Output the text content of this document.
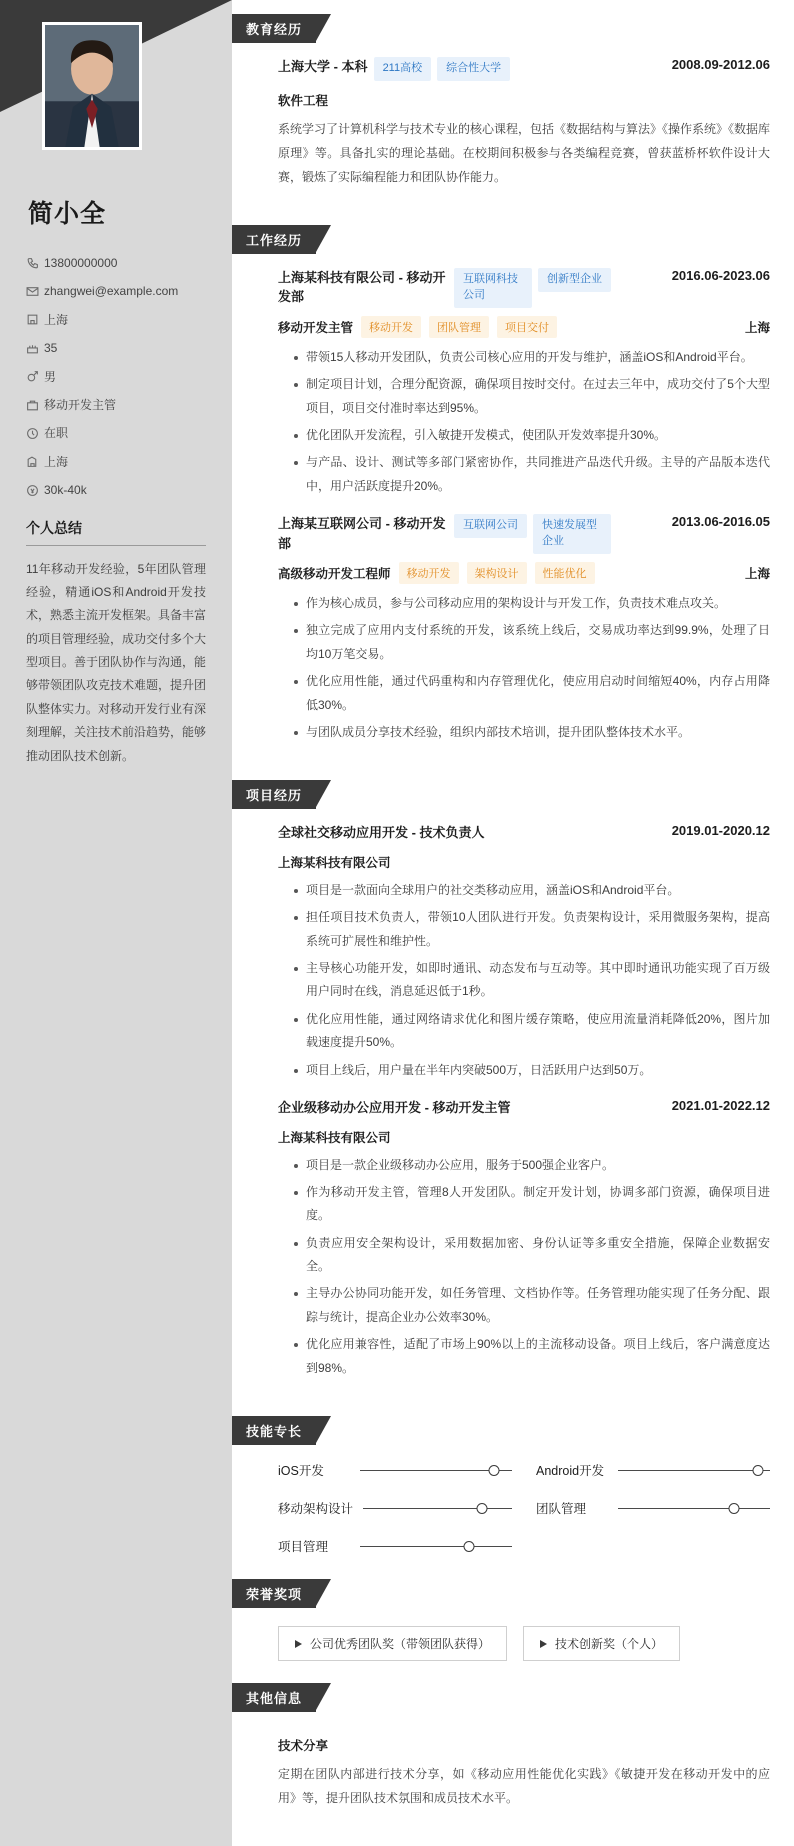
简小全
13800000000
zhangwei@example.com
上海
35
男
移动开发主管
在职
上海
30k-40k
个人总结

11年移动开发经验，5年团队管理经验，精通iOS和Android开发技术，熟悉主流开发框架。具备丰富的项目管理经验，成功交付多个大型项目。善于团队协作与沟通，能够带领团队攻克技术难题，提升团队整体实力。对移动开发行业有深刻理解，关注技术前沿趋势，能够推动团队技术创新。

教育经历
上海大学 - 本科	211高校	综合性大学	2008.09-2012.06
软件工程

系统学习了计算机科学与技术专业的核心课程，包括《数据结构与算法》《操作系统》《数据库原理》等。具备扎实的理论基础。在校期间积极参与各类编程竞赛，曾获蓝桥杯软件设计大赛，锻炼了实际编程能力和团队协作能力。

工作经历
上海某科技有限公司 - 移动开发部
互联网科技公司
创新型企业	2016.06-2023.06
移动开发主管	移动开发	团队管理	项目交付	上海
带领15人移动开发团队，负责公司核心应用的开发与维护，涵盖iOS和Android平台。
制定项目计划，合理分配资源，确保项目按时交付。在过去三年中，成功交付了5个大型项目，项目交付准时率达到95%。
优化团队开发流程，引入敏捷开发模式，使团队开发效率提升30%。
与产品、设计、测试等多部门紧密协作，共同推进产品迭代升级。主导的产品版本迭代中，用户活跃度提升20%。
上海某互联网公司 - 移动开发部
互联网公司	快速发展型企业
2013.06-2016.05
高级移动开发工程师	移动开发	架构设计	性能优化	上海
作为核心成员，参与公司移动应用的架构设计与开发工作，负责技术难点攻关。
独立完成了应用内支付系统的开发，该系统上线后，交易成功率达到99.9%，处理了日均10万笔交易。
优化应用性能，通过代码重构和内存管理优化，使应用启动时间缩短40%，内存占用降低30%。
与团队成员分享技术经验，组织内部技术培训，提升团队整体技术水平。
项目经历
全球社交移动应用开发 - 技术负责人	2019.01-2020.12
上海某科技有限公司
项目是一款面向全球用户的社交类移动应用，涵盖iOS和Android平台。
担任项目技术负责人，带领10人团队进行开发。负责架构设计，采用微服务架构，提高系统可扩展性和维护性。
主导核心功能开发，如即时通讯、动态发布与互动等。其中即时通讯功能实现了百万级用户同时在线，消息延迟低于1秒。
优化应用性能，通过网络请求优化和图片缓存策略，使应用流量消耗降低20%，图片加载速度提升50%。
项目上线后，用户量在半年内突破500万，日活跃用户达到50万。
企业级移动办公应用开发 - 移动开发主管	2021.01-2022.12
上海某科技有限公司
项目是一款企业级移动办公应用，服务于500强企业客户。
作为移动开发主管，管理8人开发团队。制定开发计划，协调多部门资源，确保项目进度。
负责应用安全架构设计，采用数据加密、身份认证等多重安全措施，保障企业数据安全。
主导办公协同功能开发，如任务管理、文档协作等。任务管理功能实现了任务分配、跟踪与统计，提高企业办公效率30%。
优化应用兼容性，适配了市场上90%以上的主流移动设备。项目上线后，客户满意度达到98%。
技能专长
iOS开发	Android开发
移动架构设计	团队管理
项目管理
荣誉奖项
公司优秀团队奖（带领团队获得）	技术创新奖（个人）
其他信息
技术分享

定期在团队内部进行技术分享，如《移动应用性能优化实践》《敏捷开发在移动开发中的应用》等，提升团队技术氛围和成员技术水平。
